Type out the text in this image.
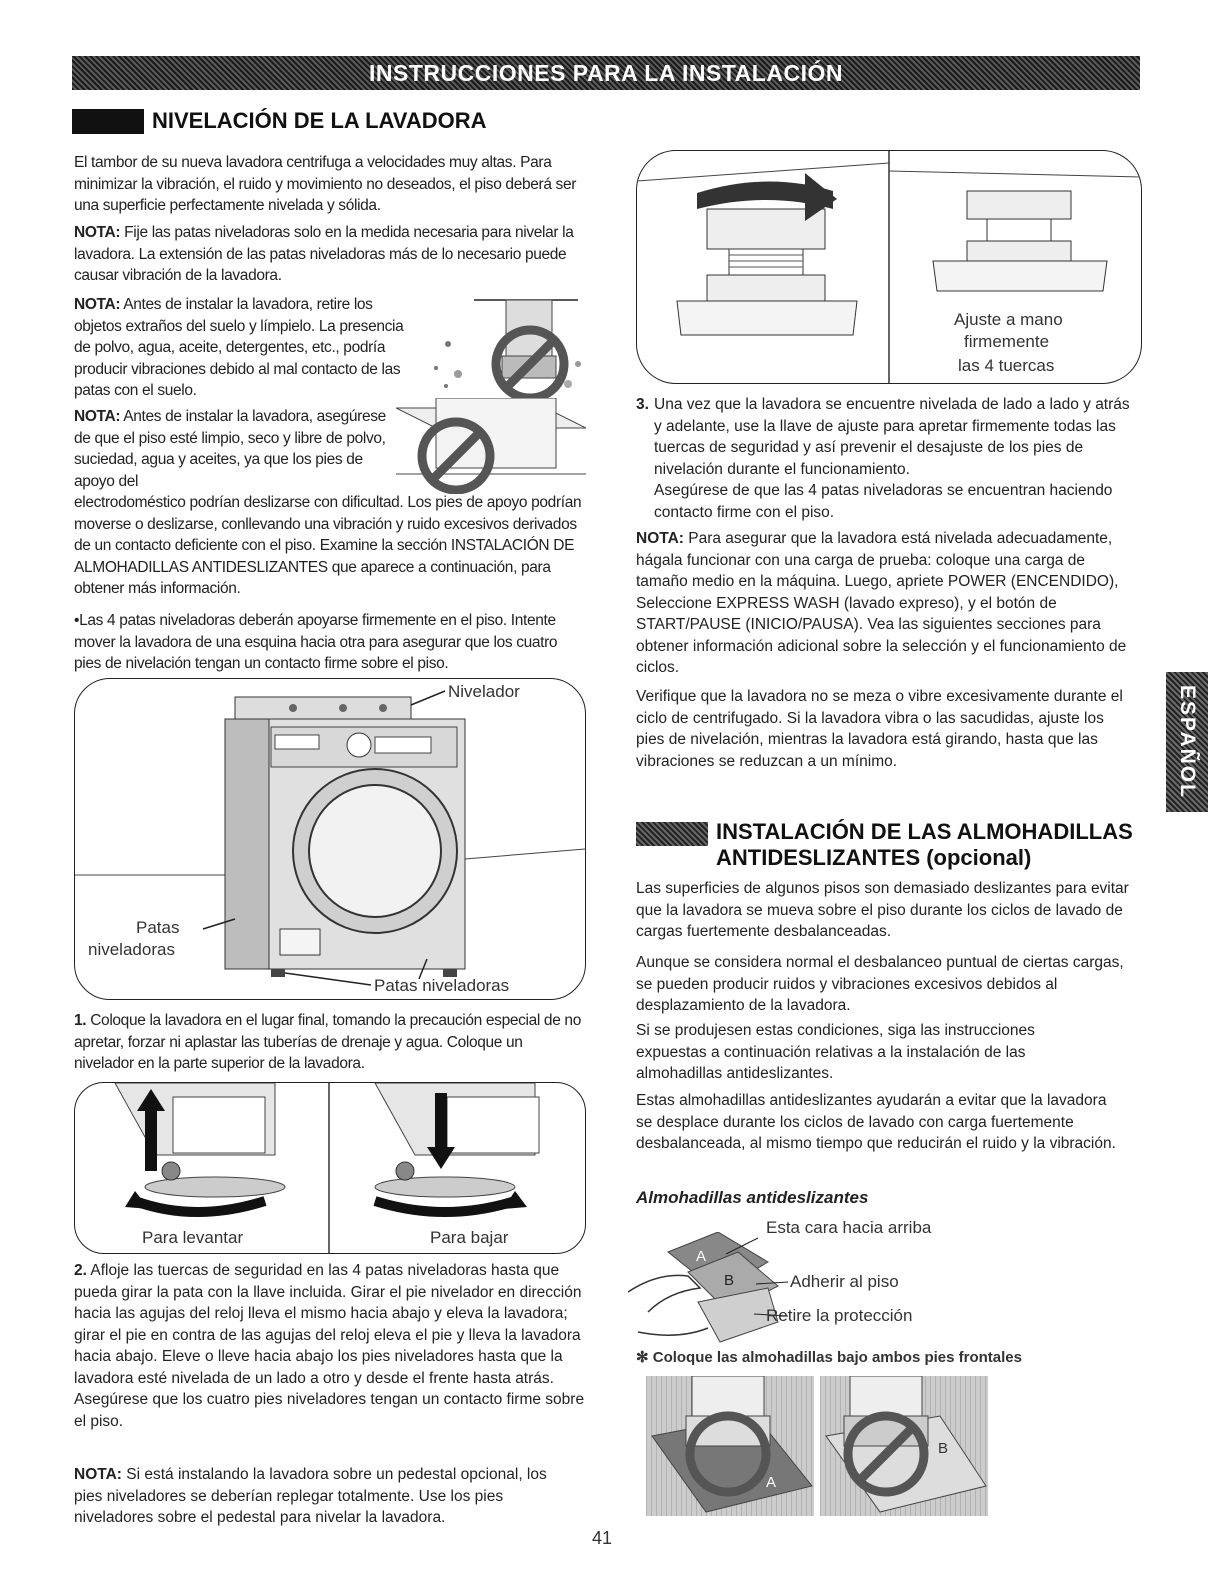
INSTRUCCIONES PARA LA INSTALACIÓN
NIVELACIÓN DE LA LAVADORA
El tambor de su nueva lavadora centrifuga a velocidades muy altas. Para minimizar la vibración, el ruido y movimiento no deseados, el piso deberá ser una superficie perfectamente nivelada y sólida.
NOTA: Fije las patas niveladoras solo en la medida necesaria para nivelar la lavadora. La extensión de las patas niveladoras más de lo necesario puede causar vibración de la lavadora.
NOTA: Antes de instalar la lavadora, retire los objetos extraños del suelo y límpielo. La presencia de polvo, agua, aceite, detergentes, etc., podría producir vibraciones debido al mal contacto de las patas con el suelo.
NOTA: Antes de instalar la lavadora, asegúrese de que el piso esté limpio, seco y libre de polvo, suciedad, agua y aceites, ya que los pies de apoyo del
electrodoméstico podrían deslizarse con dificultad. Los pies de apoyo podrían moverse o deslizarse, conllevando una vibración y ruido excesivos derivados de un contacto deficiente con el piso. Examine la sección INSTALACIÓN DE ALMOHADILLAS ANTIDESLIZANTES que aparece a continuación, para obtener más información.
•Las 4 patas niveladoras deberán apoyarse firmemente en el piso. Intente mover la lavadora de una esquina hacia otra para asegurar que los cuatro pies de nivelación tengan un contacto firme sobre el piso.
Nivelador
Patas
niveladoras
Patas niveladoras
1. Coloque la lavadora en el lugar final, tomando la precaución especial de no apretar, forzar ni aplastar las tuberías de drenaje y agua. Coloque un nivelador en la parte superior de la lavadora.
Para levantar	Para bajar
2. Afloje las tuercas de seguridad en las 4 patas niveladoras hasta que pueda girar la pata con la llave incluida. Girar el pie nivelador en dirección hacia las agujas del reloj lleva el mismo hacia abajo y eleva la lavadora; girar el pie en contra de las agujas del reloj eleva el pie y lleva la lavadora hacia abajo. Eleve o lleve hacia abajo los pies niveladores hasta que la lavadora esté nivelada de un lado a otro y desde el frente hasta atrás. Asegúrese que los cuatro pies niveladores tengan un contacto firme sobre el piso.
NOTA: Si está instalando la lavadora sobre un pedestal opcional, los pies niveladores se deberían replegar totalmente. Use los pies niveladores sobre el pedestal para nivelar la lavadora.
41
Ajuste a mano
firmemente
las 4 tuercas
3. Una vez que la lavadora se encuentre nivelada de lado a lado y atrás y adelante, use la llave de ajuste para apretar firmemente todas las tuercas de seguridad y así prevenir el desajuste de los pies de nivelación durante el funcionamiento.
Asegúrese de que las 4 patas niveladoras se encuentran haciendo contacto firme con el piso.
NOTA: Para asegurar que la lavadora está nivelada adecuadamente, hágala funcionar con una carga de prueba: coloque una carga de tamaño medio en la máquina. Luego, apriete POWER (ENCENDIDO), Seleccione EXPRESS WASH (lavado expreso), y el botón de START/PAUSE (INICIO/PAUSA). Vea las siguientes secciones para obtener información adicional sobre la selección y el funcionamiento de ciclos.
Verifique que la lavadora no se meza o vibre excesivamente durante el ciclo de centrifugado. Si la lavadora vibra o las sacudidas, ajuste los pies de nivelación, mientras la lavadora está girando, hasta que las vibraciones se reduzcan a un mínimo.	ESPAÑOL
INSTALACIÓN DE LAS ALMOHADILLAS
ANTIDESLIZANTES (opcional)
Las superficies de algunos pisos son demasiado deslizantes para evitar que la lavadora se mueva sobre el piso durante los ciclos de lavado de cargas fuertemente desbalanceadas.
Aunque se considera normal el desbalanceo puntual de ciertas cargas, se pueden producir ruidos y vibraciones excesivos debidos al desplazamiento de la lavadora.
Si se produjesen estas condiciones, siga las instrucciones expuestas a continuación relativas a la instalación de las almohadillas antideslizantes.
Estas almohadillas antideslizantes ayudarán a evitar que la lavadora se desplace durante los ciclos de lavado con carga fuertemente desbalanceada, al mismo tiempo que reducirán el ruido y la vibración.
Almohadillas antideslizantes
A
B
Esta cara hacia arriba
Adherir al piso
Retire la protección
✻ Coloque las almohadillas bajo ambos pies frontales
A
B
